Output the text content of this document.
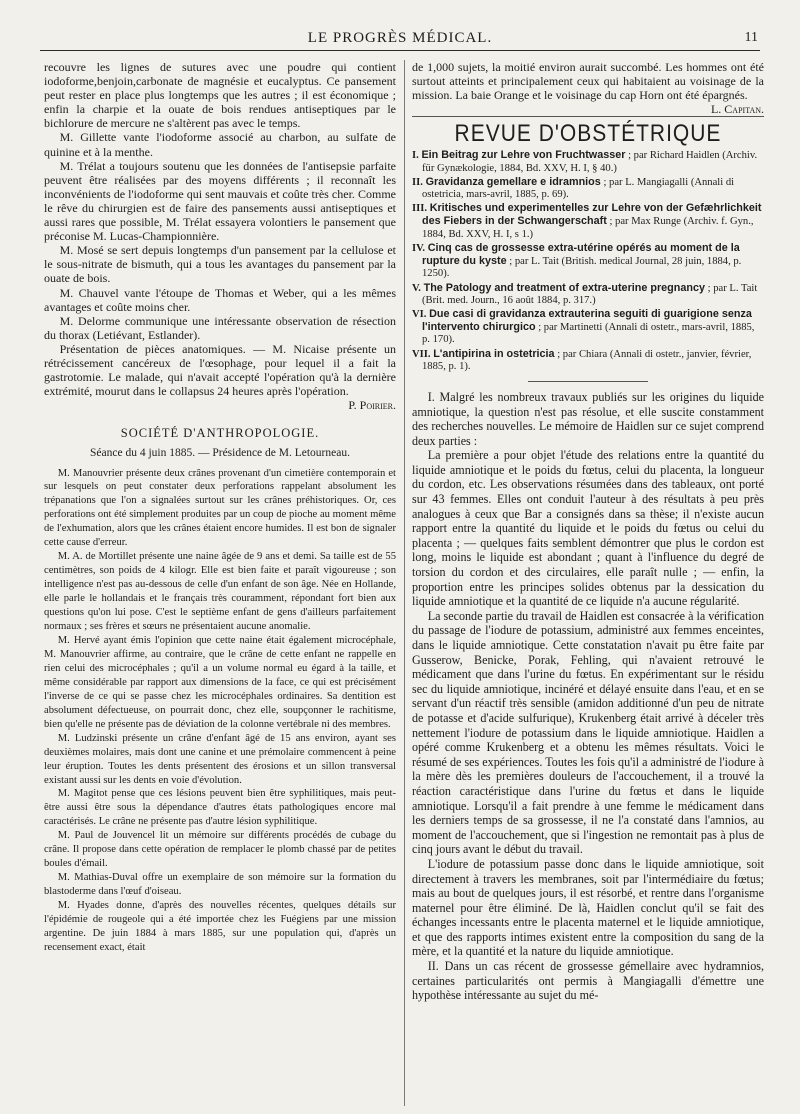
LE PROGRÈS MÉDICAL.	11

recouvre les lignes de sutures avec une poudre qui contient iodoforme,benjoin,carbonate de magnésie et eucalyptus. Ce pansement peut rester en place plus longtemps que les autres ; il est économique ; enfin la charpie et la ouate de bois rendues antiseptiques par le bichlorure de mercure ne s'altèrent pas avec le temps.

M. Gillette vante l'iodoforme associé au charbon, au sulfate de quinine et à la menthe.

M. Trélat a toujours soutenu que les données de l'antisepsie parfaite peuvent être réalisées par des moyens différents ; il reconnaît les inconvénients de l'iodoforme qui sent mauvais et coûte très cher. Comme le rêve du chirurgien est de faire des pansements aussi antiseptiques et aussi rares que possible, M. Trélat essayera volontiers le pansement que préconise M. Lucas-Championnière.

M. Mosé se sert depuis longtemps d'un pansement par la cellulose et le sous-nitrate de bismuth, qui a tous les avantages du pansement par la ouate de bois.

M. Chauvel vante l'étoupe de Thomas et Weber, qui a les mêmes avantages et coûte moins cher.

M. Delorme communique une intéressante observation de résection du thorax (Letiévant, Estlander).

Présentation de pièces anatomiques. — M. Nicaise présente un rétrécissement cancéreux de l'œsophage, pour lequel il a fait la gastrotomie. Le malade, qui n'avait accepté l'opération qu'à la dernière extrémité, mourut dans le collapsus 24 heures après l'opération.

P. Poirier.
SOCIÉTÉ D'ANTHROPOLOGIE.
Séance du 4 juin 1885. — Présidence de M. Letourneau.

M. Manouvrier présente deux crânes provenant d'un cimetière contemporain et sur lesquels on peut constater deux perforations rappelant absolument les trépanations que l'on a signalées surtout sur les crânes préhistoriques. Or, ces perforations ont été simplement produites par un coup de pioche au moment même de l'exhumation, alors que les crânes étaient encore humides. Il est bon de signaler cette cause d'erreur.

M. A. de Mortillet présente une naine âgée de 9 ans et demi. Sa taille est de 55 centimètres, son poids de 4 kilogr. Elle est bien faite et paraît vigoureuse ; son intelligence n'est pas au-dessous de celle d'un enfant de son âge. Née en Hollande, elle parle le hollandais et le français très couramment, répondant fort bien aux questions qu'on lui pose. C'est le septième enfant de gens d'ailleurs parfaitement normaux ; ses frères et sœurs ne présentaient aucune anomalie.

M. Hervé ayant émis l'opinion que cette naine était également microcéphale, M. Manouvrier affirme, au contraire, que le crâne de cette enfant ne rappelle en rien celui des microcéphales ; qu'il a un volume normal eu égard à la taille, et même considérable par rapport aux dimensions de la face, ce qui est précisément l'inverse de ce qui se passe chez les microcéphales ordinaires. Sa dentition est absolument défectueuse, on pourrait donc, chez elle, soupçonner le rachitisme, bien qu'elle ne présente pas de déviation de la colonne vertébrale ni des membres.

M. Ludzinski présente un crâne d'enfant âgé de 15 ans environ, ayant ses deuxièmes molaires, mais dont une canine et une prémolaire commencent à peine leur éruption. Toutes les dents présentent des érosions et un sillon transversal existant aussi sur les dents en voie d'évolution.

M. Magitot pense que ces lésions peuvent bien être syphilitiques, mais peut-être aussi être sous la dépendance d'autres états pathologiques encore mal caractérisés. Le crâne ne présente pas d'autre lésion syphilitique.

M. Paul de Jouvencel lit un mémoire sur différents procédés de cubage du crâne. Il propose dans cette opération de remplacer le plomb chassé par de petites boules d'émail.

M. Mathias-Duval offre un exemplaire de son mémoire sur la formation du blastoderme dans l'œuf d'oiseau.

M. Hyades donne, d'après des nouvelles récentes, quelques détails sur l'épidémie de rougeole qui a été importée chez les Fuégiens par une mission argentine. De juin 1884 à mars 1885, sur une population qui, d'après un recensement exact, était

de 1,000 sujets, la moitié environ aurait succombé. Les hommes ont été surtout atteints et principalement ceux qui habitaient au voisinage de la mission. La baie Orange et le voisinage du cap Horn ont été épargnés.
L. Capitan.

REVUE D'OBSTÉTRIQUE
I. Ein Beitrag zur Lehre von Fruchtwasser ; par Richard Haidlen (Archiv. für Gynækologie, 1884, Bd. XXV, H. I, § 40.)
II. Gravidanza gemellare e idramnios ; par L. Mangiagalli (Annali di ostetricia, mars-avril, 1885, p. 69).
III. Kritisches und experimentelles zur Lehre von der Gefæhrlichkeit des Fiebers in der Schwangerschaft ; par Max Runge (Archiv. f. Gyn., 1884, Bd. XXV, H. I, s 1.)
IV. Cinq cas de grossesse extra-utérine opérés au moment de la rupture du kyste ; par L. Tait (British. medical Journal, 28 juin, 1884, p. 1250).
V. The Patology and treatment of extra-uterine pregnancy ; par L. Tait (Brit. med. Journ., 16 août 1884, p. 317.)
VI. Due casi di gravidanza extrauterina seguiti di guarigione senza l'intervento chirurgico ; par Martinetti (Annali di ostetr., mars-avril, 1885, p. 170).
VII. L'antipirina in ostetricia ; par Chiara (Annali di ostetr., janvier, février, 1885, p. 1).

I. Malgré les nombreux travaux publiés sur les origines du liquide amniotique, la question n'est pas résolue, et elle suscite constamment des recherches nouvelles. Le mémoire de Haidlen sur ce sujet comprend deux parties :

La première a pour objet l'étude des relations entre la quantité du liquide amniotique et le poids du fœtus, celui du placenta, la longueur du cordon, etc. Les observations résumées dans des tableaux, ont porté sur 43 femmes. Elles ont conduit l'auteur à des résultats à peu près analogues à ceux que Bar a consignés dans sa thèse; il n'existe aucun rapport entre la quantité du liquide et le poids du fœtus ou celui du placenta ; — quelques faits semblent démontrer que plus le cordon est long, moins le liquide est abondant ; quant à l'influence du degré de torsion du cordon et des circulaires, elle paraît nulle ; — enfin, la proportion entre les principes solides obtenus par la dessication du liquide amniotique et la quantité de ce liquide n'a aucune régularité.

La seconde partie du travail de Haidlen est consacrée à la vérification du passage de l'iodure de potassium, administré aux femmes enceintes, dans le liquide amniotique. Cette constatation n'avait pu être faite par Gusserow, Benicke, Porak, Fehling, qui n'avaient retrouvé le médicament que dans l'urine du fœtus. En expérimentant sur le résidu sec du liquide amniotique, incinéré et délayé ensuite dans l'eau, et en se servant d'un réactif très sensible (amidon additionné d'un peu de nitrate de potasse et d'acide sulfurique), Krukenberg était arrivé à déceler très nettement l'iodure de potassium dans le liquide amniotique. Haidlen a opéré comme Krukenberg et a obtenu les mêmes résultats. Voici le résumé de ses expériences. Toutes les fois qu'il a administré de l'iodure à la mère dès les premières douleurs de l'accouchement, il a trouvé la réaction caractéristique dans l'urine du fœtus et dans le liquide amniotique. Lorsqu'il a fait prendre à une femme le médicament dans les derniers temps de sa grossesse, il ne l'a constaté dans l'amnios, au moment de l'accouchement, que si l'ingestion ne remontait pas à plus de cinq jours avant le début du travail.

L'iodure de potassium passe donc dans le liquide amniotique, soit directement à travers les membranes, soit par l'intermédiaire du fœtus; mais au bout de quelques jours, il est résorbé, et rentre dans l'organisme maternel pour être éliminé. De là, Haidlen conclut qu'il se fait des échanges incessants entre le placenta maternel et le liquide amniotique, et que des rapports intimes existent entre la composition du sang de la mère, et la quantité et la nature du liquide amniotique.

II. Dans un cas récent de grossesse gémellaire avec hydramnios, certaines particularités ont permis à Mangiagalli d'émettre une hypothèse intéressante au sujet du mé-
